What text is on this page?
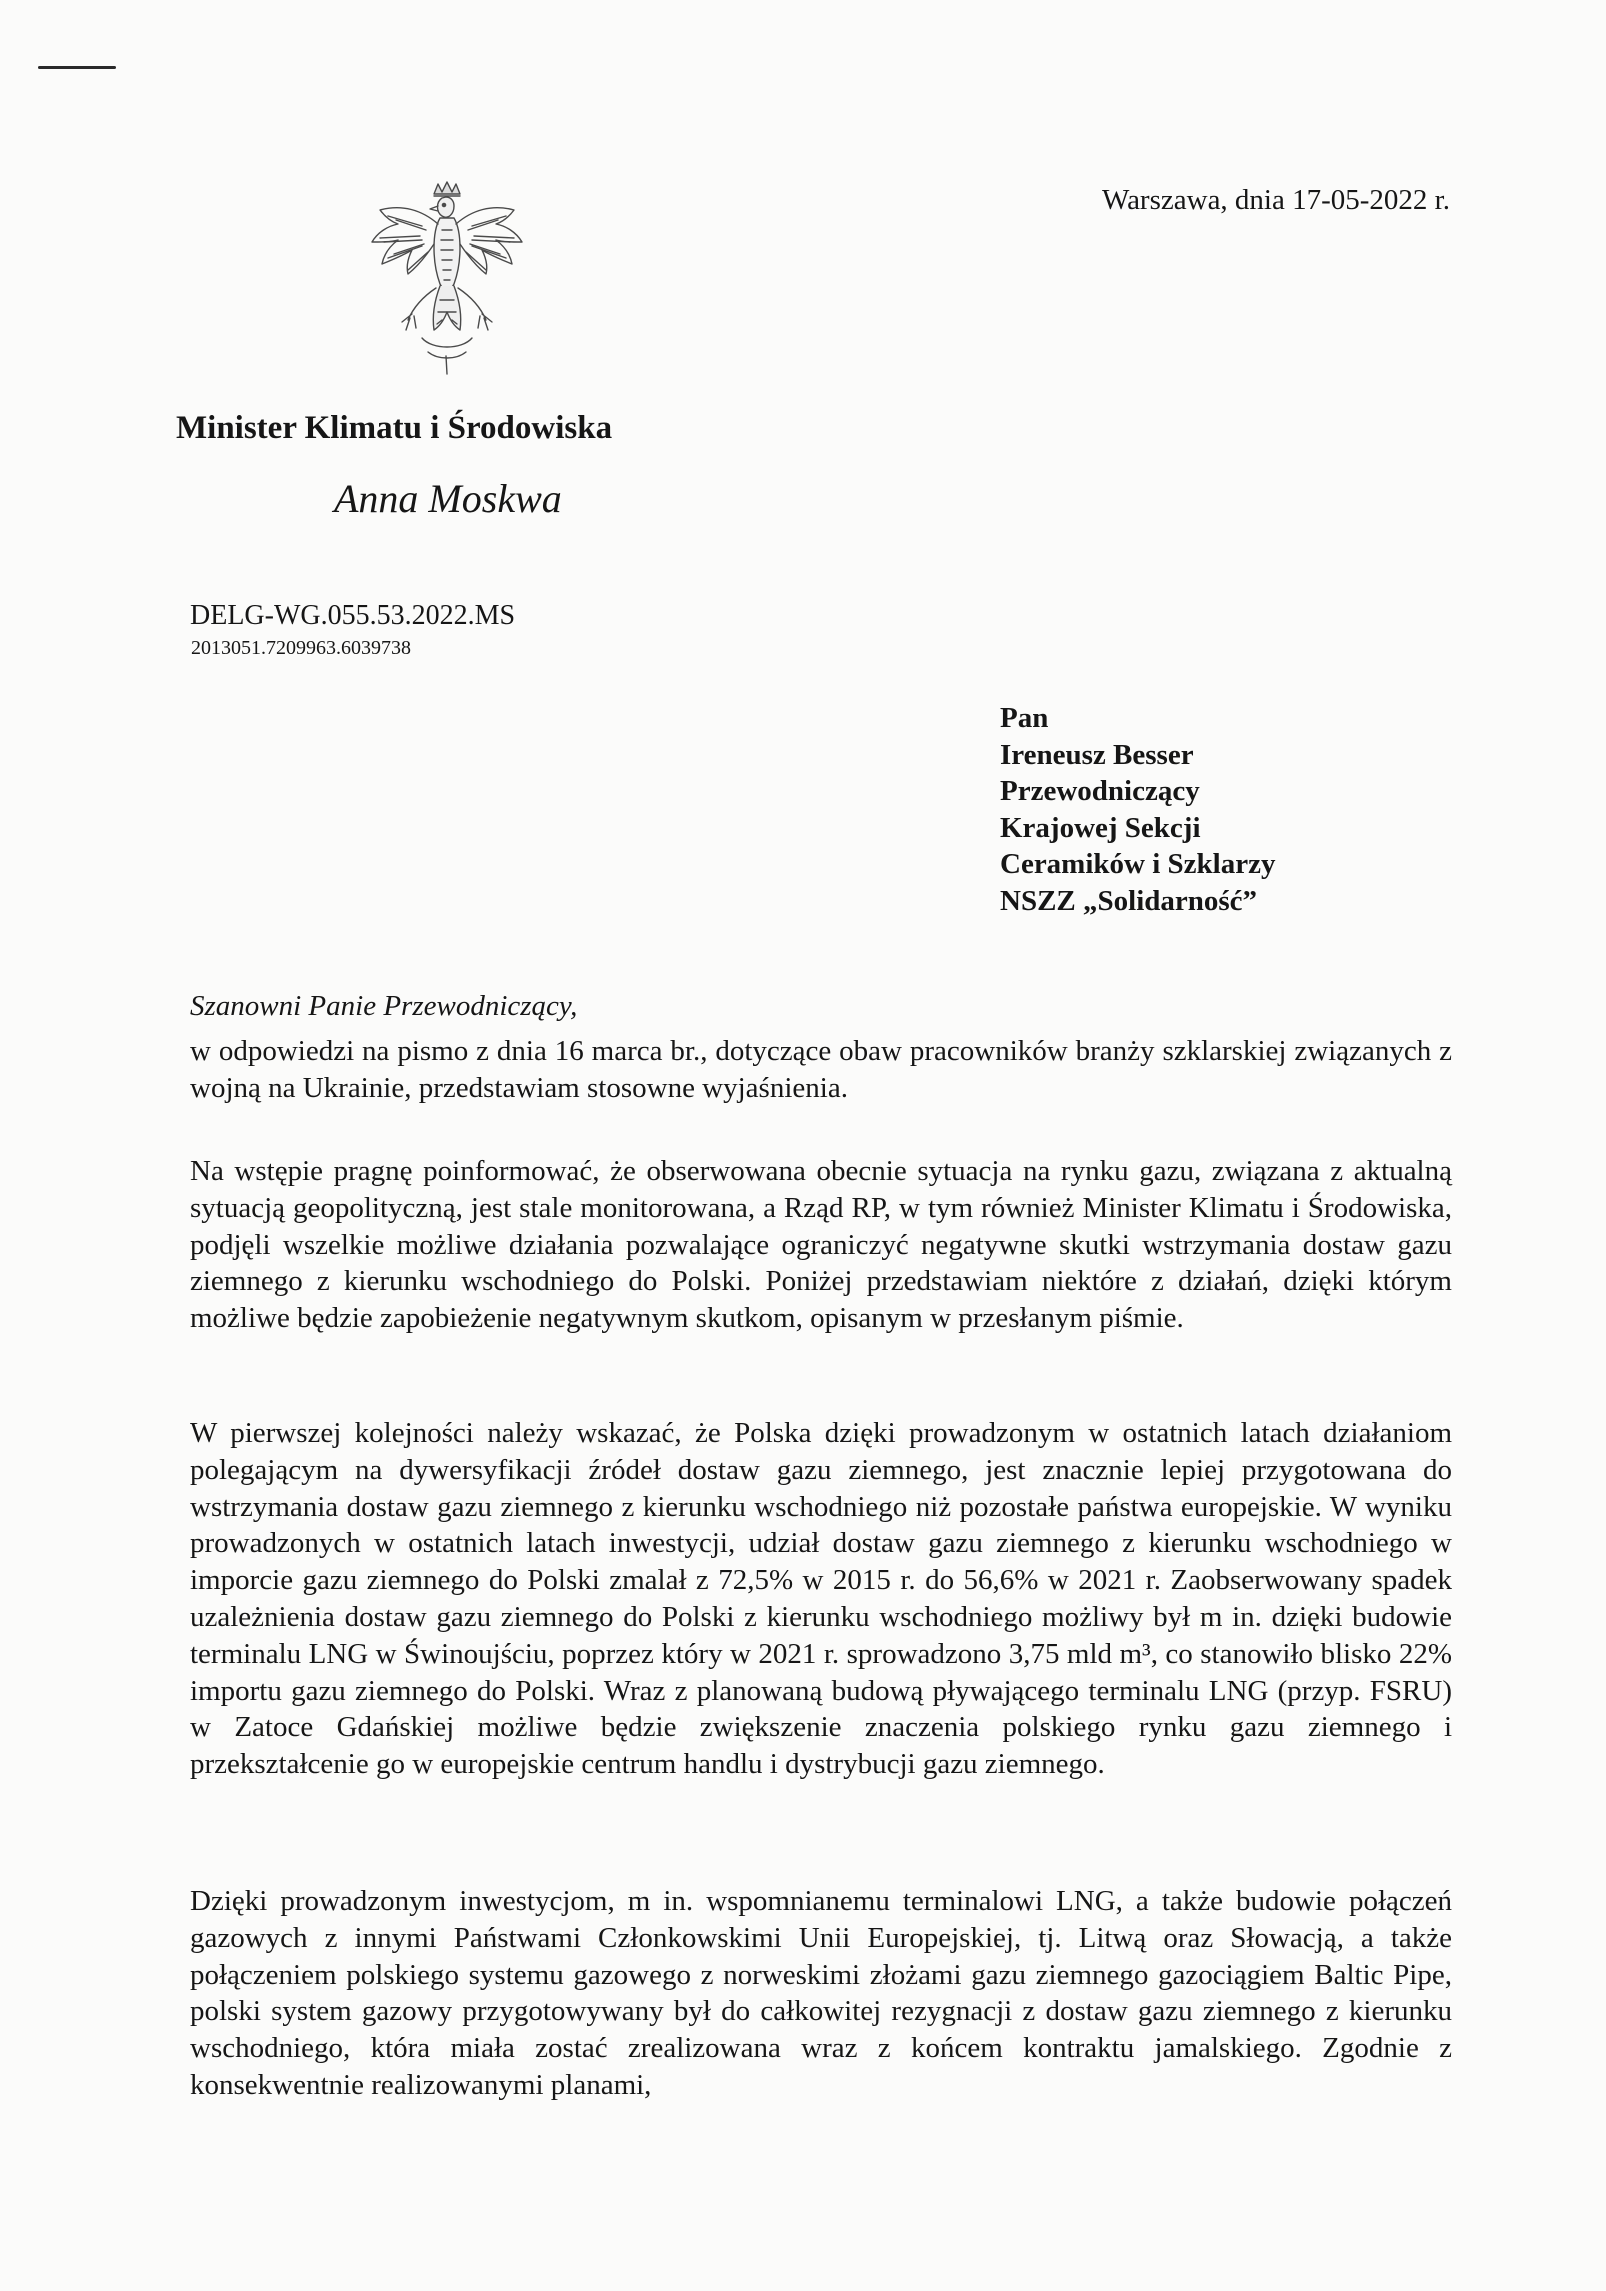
Warszawa, dnia 17-05-2022 r.
Minister Klimatu i Środowiska
Anna Moskwa
DELG-WG.055.53.2022.MS
2013051.7209963.6039738
Pan
Ireneusz Besser
Przewodniczący
Krajowej Sekcji
Ceramików i Szklarzy
NSZZ „Solidarność”
Szanowni Panie Przewodniczący,

w odpowiedzi na pismo z dnia 16 marca br., dotyczące obaw pracowników branży szklarskiej związanych z wojną na Ukrainie, przedstawiam stosowne wyjaśnienia.

Na wstępie pragnę poinformować, że obserwowana obecnie sytuacja na rynku gazu, związana z aktualną sytuacją geopolityczną, jest stale monitorowana, a Rząd RP, w tym również Minister Klimatu i Środowiska, podjęli wszelkie możliwe działania pozwalające ograniczyć negatywne skutki wstrzymania dostaw gazu ziemnego z kierunku wschodniego do Polski. Poniżej przedstawiam niektóre z działań, dzięki którym możliwe będzie zapobieżenie negatywnym skutkom, opisanym w przesłanym piśmie.

W pierwszej kolejności należy wskazać, że Polska dzięki prowadzonym w ostatnich latach działaniom polegającym na dywersyfikacji źródeł dostaw gazu ziemnego, jest znacznie lepiej przygotowana do wstrzymania dostaw gazu ziemnego z kierunku wschodniego niż pozostałe państwa europejskie. W wyniku prowadzonych w ostatnich latach inwestycji, udział dostaw gazu ziemnego z kierunku wschodniego w imporcie gazu ziemnego do Polski zmalał z 72,5% w 2015 r. do 56,6% w 2021 r. Zaobserwowany spadek uzależnienia dostaw gazu ziemnego do Polski z kierunku wschodniego możliwy był m in. dzięki budowie terminalu LNG w Świnoujściu, poprzez który w 2021 r. sprowadzono 3,75 mld m³, co stanowiło blisko 22% importu gazu ziemnego do Polski. Wraz z planowaną budową pływającego terminalu LNG (przyp. FSRU) w Zatoce Gdańskiej możliwe będzie zwiększenie znaczenia polskiego rynku gazu ziemnego i przekształcenie go w europejskie centrum handlu i dystrybucji gazu ziemnego.

Dzięki prowadzonym inwestycjom, m in. wspomnianemu terminalowi LNG, a także budowie połączeń gazowych z innymi Państwami Członkowskimi Unii Europejskiej, tj. Litwą oraz Słowacją, a także połączeniem polskiego systemu gazowego z norweskimi złożami gazu ziemnego gazociągiem Baltic Pipe, polski system gazowy przygotowywany był do całkowitej rezygnacji z dostaw gazu ziemnego z kierunku wschodniego, która miała zostać zrealizowana wraz z końcem kontraktu jamalskiego. Zgodnie z konsekwentnie realizowanymi planami,
